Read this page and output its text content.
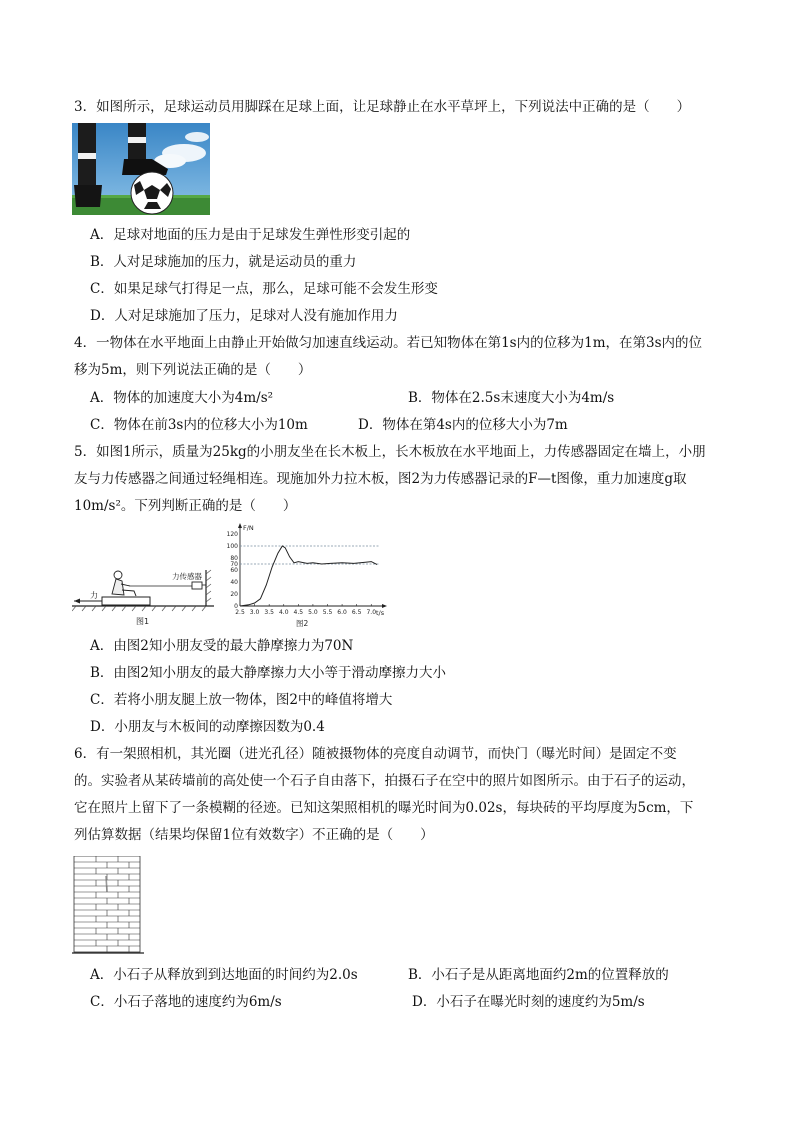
3．如图所示，足球运动员用脚踩在足球上面，让足球静止在水平草坪上，下列说法中正确的是（　　）
A．足球对地面的压力是由于足球发生弹性形变引起的
B．人对足球施加的压力，就是运动员的重力
C．如果足球气打得足一点，那么，足球可能不会发生形变
D．人对足球施加了压力，足球对人没有施加作用力
4．一物体在水平地面上由静止开始做匀加速直线运动。若已知物体在第1s内的位移为1m，在第3s内的位
移为5m，则下列说法正确的是（　　）
A．物体的加速度大小为4m/s²	B．物体在2.5s末速度大小为4m/s
C．物体在前3s内的位移大小为10m	D．物体在第4s内的位移大小为7m
5．如图1所示，质量为25kg的小朋友坐在长木板上，长木板放在水平地面上，力传感器固定在墙上，小朋
友与力传感器之间通过轻绳相连。现施加外力拉木板，图2为力传感器记录的F—t图像，重力加速度g取
10m/s²。下列判断正确的是（　　）
力
力传感器
图1
F/N
t/s
0
20
40
60
70
80
100
120
2.5 3.0 3.5 4.0 4.5 5.0 5.5 6.0 6.5 7.0
图2
A．由图2知小朋友受的最大静摩擦力为70N
B．由图2知小朋友的最大静摩擦力大小等于滑动摩擦力大小
C．若将小朋友腿上放一物体，图2中的峰值将增大
D．小朋友与木板间的动摩擦因数为0.4
6．有一架照相机，其光圈（进光孔径）随被摄物体的亮度自动调节，而快门（曝光时间）是固定不变
的。实验者从某砖墙前的高处使一个石子自由落下，拍摄石子在空中的照片如图所示。由于石子的运动，
它在照片上留下了一条模糊的径迹。已知这架照相机的曝光时间为0.02s，每块砖的平均厚度为5cm，下
列估算数据（结果均保留1位有效数字）不正确的是（　　）
A．小石子从释放到到达地面的时间约为2.0s	B．小石子是从距离地面约2m的位置释放的
C．小石子落地的速度约为6m/s	D．小石子在曝光时刻的速度约为5m/s
